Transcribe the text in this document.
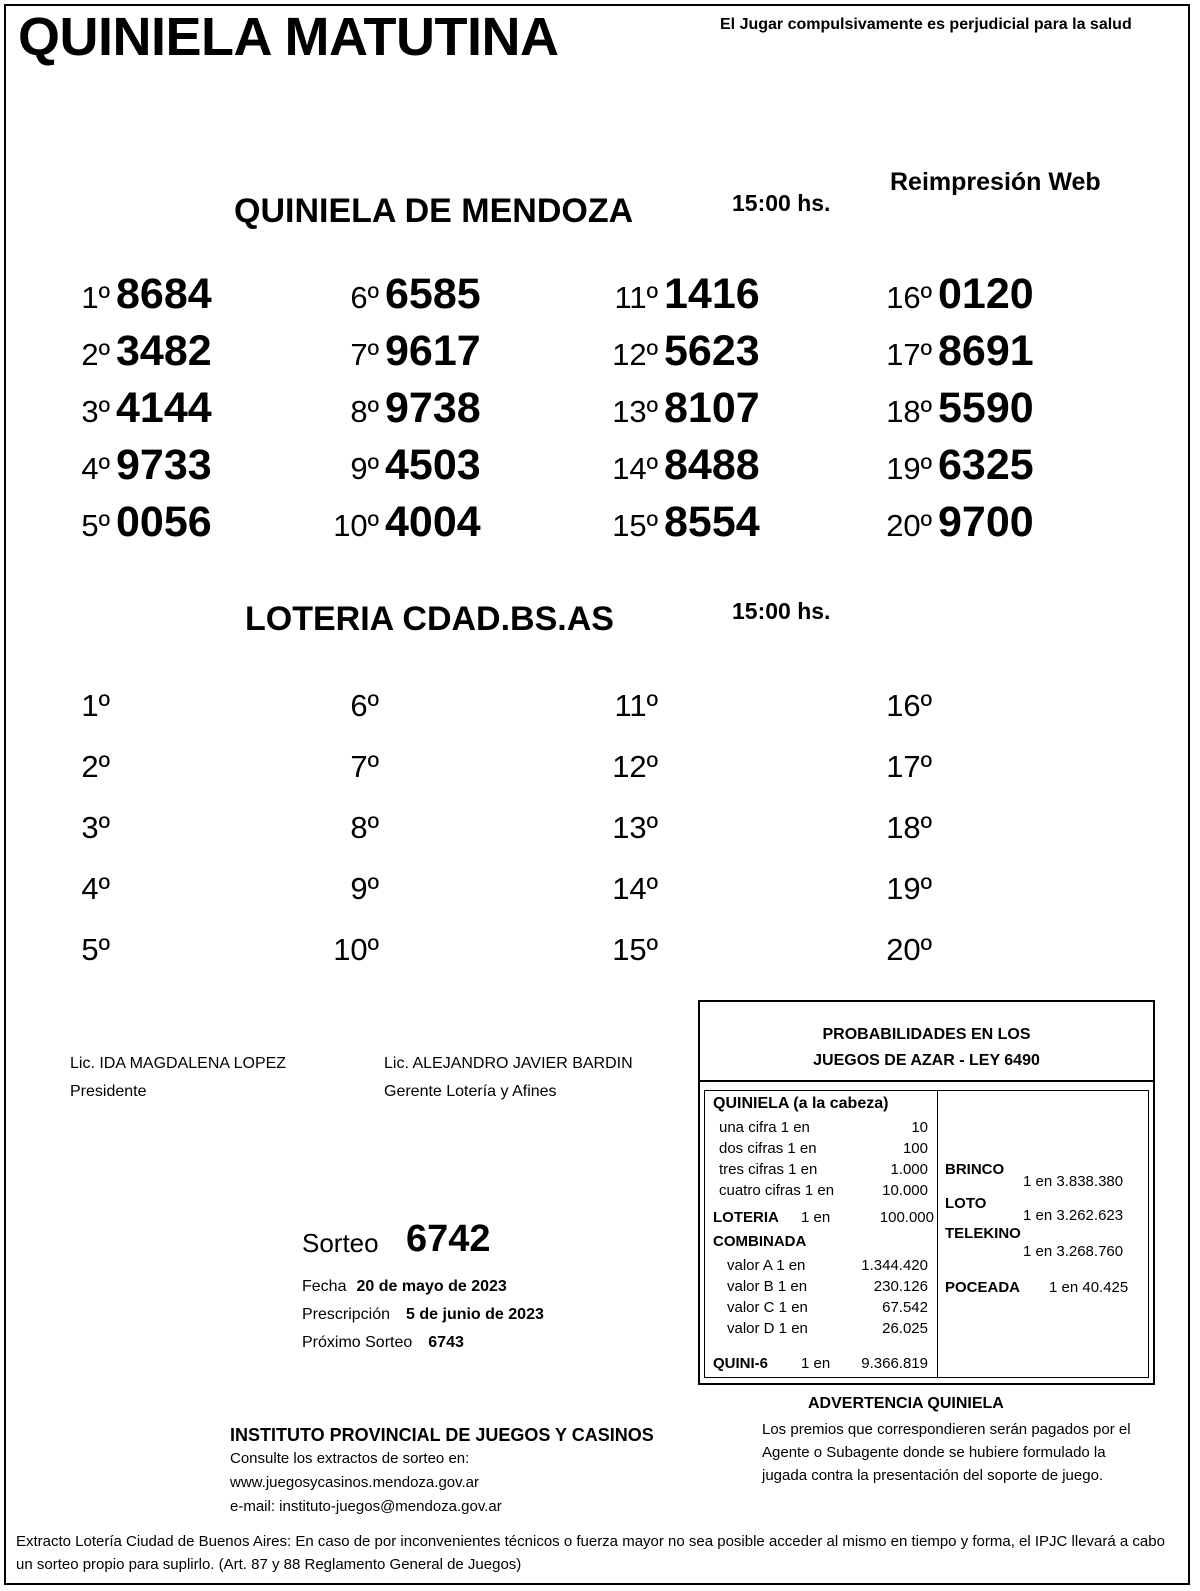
QUINIELA MATUTINA	El Jugar compulsivamente es perjudicial para la salud
Reimpresión Web
QUINIELA DE MENDOZA	15:00 hs.
1º 8684
2º 3482
3º 4144
4º 9733
5º 0056
6º 6585
7º 9617
8º 9738
9º 4503
10º 4004
11º 1416
12º 5623
13º 8107
14º 8488
15º 8554
16º 0120
17º 8691
18º 5590
19º 6325
20º 9700
LOTERIA CDAD.BS.AS	15:00 hs.
1º
2º
3º
4º
5º
6º
7º
8º
9º
10º
11º
12º
13º
14º
15º
16º
17º
18º
19º
20º
Lic. IDA MAGDALENA LOPEZ
Presidente
Lic. ALEJANDRO JAVIER BARDIN
Gerente Lotería y Afines
Sorteo 6742
Fecha 20 de mayo de 2023
Prescripción 5 de junio de 2023
Próximo Sorteo 6743
PROBABILIDADES EN LOS
JUEGOS DE AZAR - LEY 6490
QUINIELA (a la cabeza)
una cifra 1 en	10
dos cifras 1 en	100
tres cifras 1 en	1.000
cuatro cifras 1 en	10.000
LOTERIA 1 en	100.000
COMBINADA
valor A 1 en	1.344.420
valor B 1 en	230.126
valor C 1 en	67.542
valor D 1 en	26.025
QUINI-6 1 en 9.366.819
BRINCO
1 en 3.838.380
LOTO
1 en 3.262.623
TELEKINO
1 en 3.268.760
POCEADA 1 en 40.425
ADVERTENCIA QUINIELA
Los premios que correspondieren serán pagados por el Agente o Subagente donde se hubiere formulado la jugada contra la presentación del soporte de juego.
INSTITUTO PROVINCIAL DE JUEGOS Y CASINOS
Consulte los extractos de sorteo en:
www.juegosycasinos.mendoza.gov.ar
e-mail: instituto-juegos@mendoza.gov.ar
Extracto Lotería Ciudad de Buenos Aires: En caso de por inconvenientes técnicos o fuerza mayor no sea posible acceder al mismo en tiempo y forma, el IPJC llevará a cabo un sorteo propio para suplirlo. (Art. 87 y 88 Reglamento General de Juegos)
